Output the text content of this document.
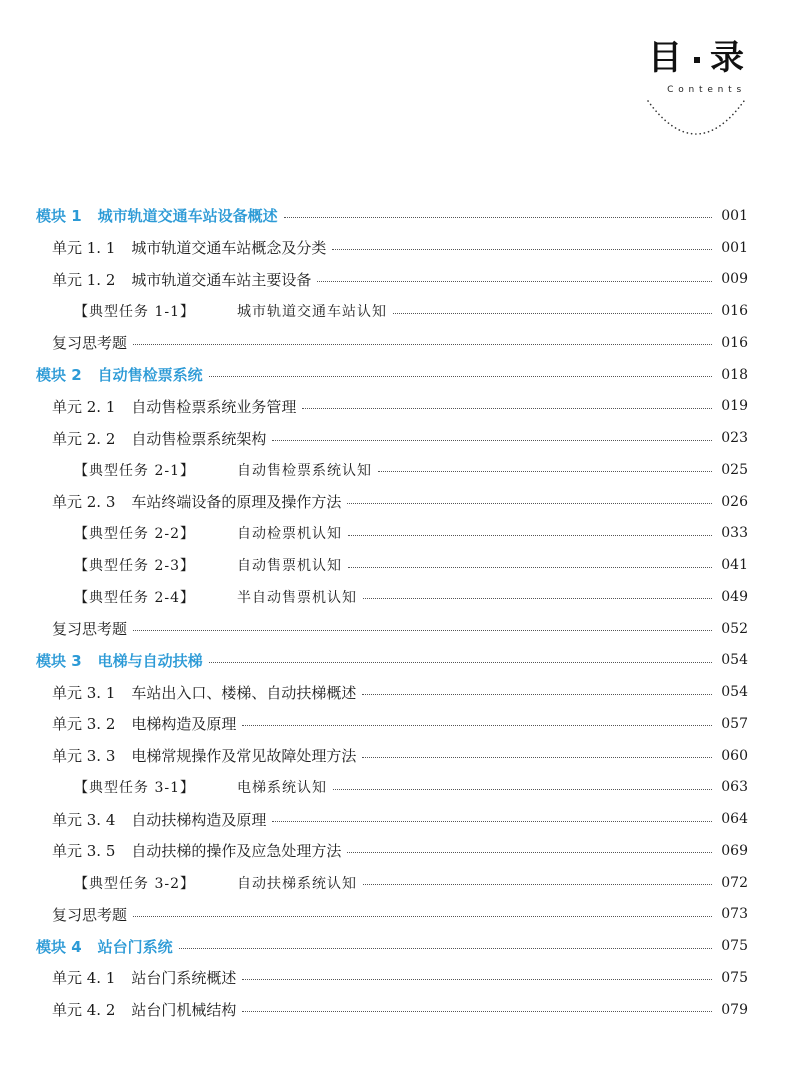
目 录
Contents
模块 1 城市轨道交通车站设备概述	001
单元 1. 1 城市轨道交通车站概念及分类	001
单元 1. 2 城市轨道交通车站主要设备	009
【典型任务 1-1】	城市轨道交通车站认知	016
复习思考题	016
模块 2 自动售检票系统	018
单元 2. 1 自动售检票系统业务管理	019
单元 2. 2 自动售检票系统架构	023
【典型任务 2-1】	自动售检票系统认知	025
单元 2. 3 车站终端设备的原理及操作方法	026
【典型任务 2-2】	自动检票机认知	033
【典型任务 2-3】	自动售票机认知	041
【典型任务 2-4】	半自动售票机认知	049
复习思考题	052
模块 3 电梯与自动扶梯	054
单元 3. 1 车站出入口、楼梯、自动扶梯概述	054
单元 3. 2 电梯构造及原理	057
单元 3. 3 电梯常规操作及常见故障处理方法	060
【典型任务 3-1】	电梯系统认知	063
单元 3. 4 自动扶梯构造及原理	064
单元 3. 5 自动扶梯的操作及应急处理方法	069
【典型任务 3-2】	自动扶梯系统认知	072
复习思考题	073
模块 4 站台门系统	075
单元 4. 1 站台门系统概述	075
单元 4. 2 站台门机械结构	079
